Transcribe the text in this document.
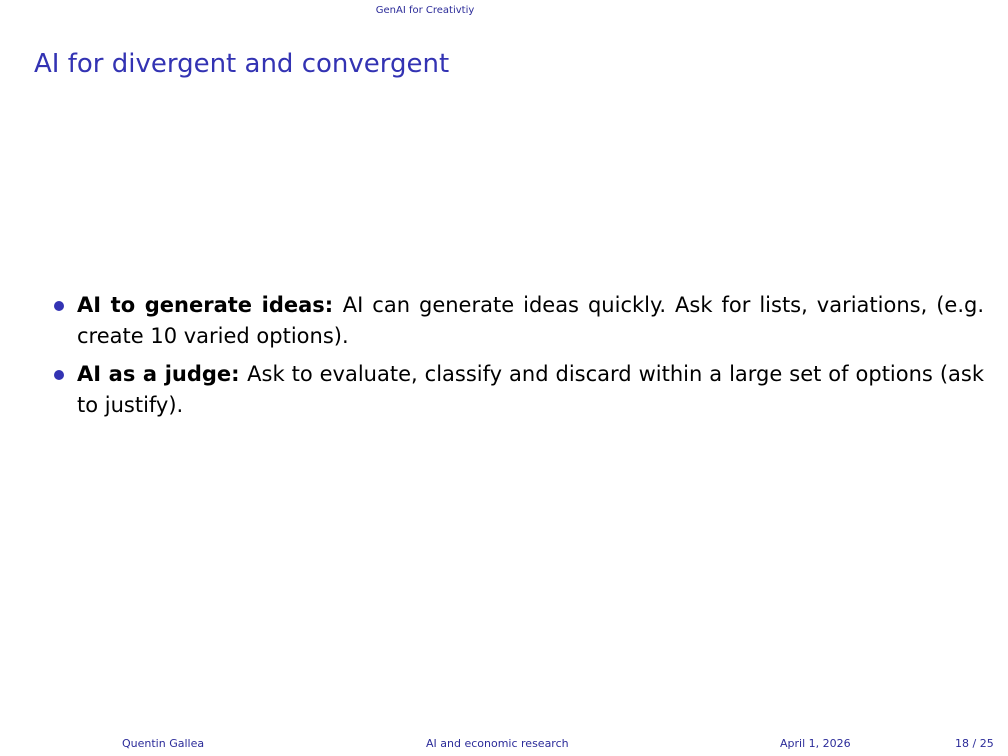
GenAI for Creativtiy
AI for divergent and convergent
AI to generate ideas: AI can generate ideas quickly. Ask for lists, variations, (e.g. create 10 varied options).
AI as a judge: Ask to evaluate, classify and discard within a large set of options (ask to justify).
Quentin Gallea	AI and economic research	April 1, 2026	18 / 25
